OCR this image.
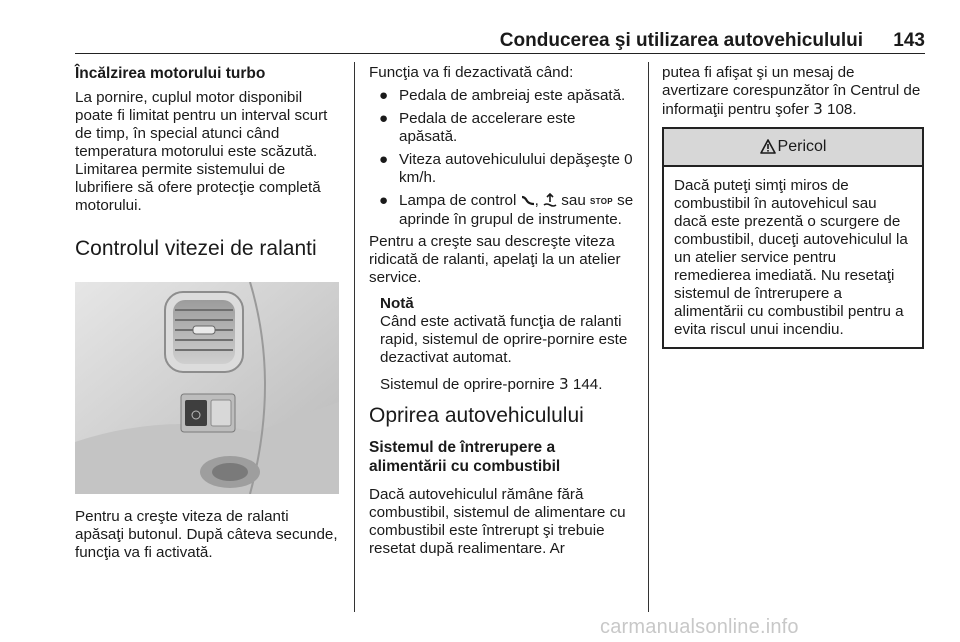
Conducerea şi utilizarea autovehiculului 143
Încălzirea motorului turbo

La pornire, cuplul motor disponibil poate fi limitat pentru un interval scurt de timp, în special atunci când temperatura motorului este scăzută. Limitarea permite sistemului de lubrifiere să ofere protecţie completă motorului.

Controlul vitezei de ralanti

Pentru a creşte viteza de ralanti apăsaţi butonul. După câteva secunde, funcţia va fi activată.

Funcţia va fi dezactivată când:

● Pedala de ambreiaj este apăsată.
● Pedala de accelerare este apăsată.
● Viteza autovehiculului depăşeşte 0 km/h.
● Lampa de control , sau STOP se aprinde în grupul de instrumente.

Pentru a creşte sau descreşte viteza ridicată de ralanti, apelaţi la un atelier service.

Notă

Când este activată funcţia de ralanti rapid, sistemul de oprire-pornire este dezactivat automat.

Sistemul de oprire-pornire 3 144.

Oprirea autovehiculului
Sistemul de întrerupere a alimentării cu combustibil

Dacă autovehiculul rămâne fără combustibil, sistemul de alimentare cu combustibil este întrerupt şi trebuie resetat după realimentare. Ar

putea fi afişat şi un mesaj de avertizare corespunzător în Centrul de informaţii pentru şofer 3 108.

Pericol
Dacă puteţi simţi miros de combustibil în autovehicul sau dacă este prezentă o scurgere de combustibil, duceţi autovehiculul la un atelier service pentru remedierea imediată. Nu resetaţi sistemul de întrerupere a alimentării cu combustibil pentru a evita riscul unui incendiu.
carmanualsonline.info
